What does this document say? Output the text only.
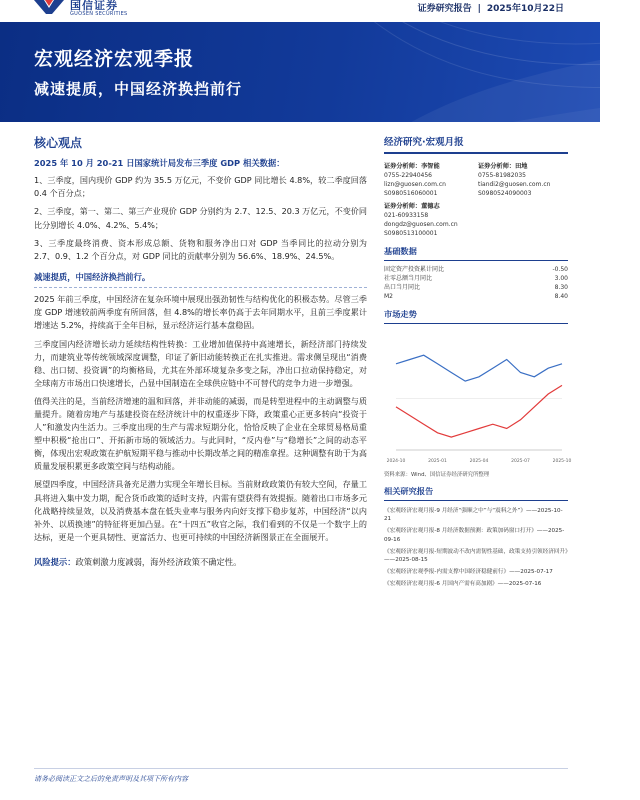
国信证券
GUOSEN SECURITIES	证券研究报告 | 2025年10月22日
宏观经济宏观季报
减速提质，中国经济换挡前行
核心观点
2025 年 10 月 20-21 日国家统计局发布三季度 GDP 相关数据：
1、三季度，国内现价 GDP 约为 35.5 万亿元，不变价 GDP 同比增长 4.8%，较二季度回落 0.4 个百分点；
2、三季度，第一、第二、第三产业现价 GDP 分别约为 2.7、12.5、20.3 万亿元，不变价同比分别增长 4.0%、4.2%、5.4%；
3、三季度最终消费、资本形成总额、货物和服务净出口对 GDP 当季同比的拉动分别为 2.7、0.9、1.2 个百分点，对 GDP 同比的贡献率分别为 56.6%、18.9%、24.5%。
减速提质，中国经济换挡前行。
2025 年前三季度，中国经济在复杂环境中展现出强劲韧性与结构优化的积极态势。尽管三季度 GDP 增速较前两季度有所回落，但 4.8%的增长率仍高于去年同期水平，且前三季度累计增速达 5.2%，持续高于全年目标，显示经济运行基本盘稳固。
三季度国内经济增长动力延续结构性转换：工业增加值保持中高速增长，新经济部门持续发力，而建筑业等传统领域深度调整，印证了新旧动能转换正在扎实推进。需求侧呈现出“消费稳、出口韧、投资调”的均衡格局，尤其在外部环境复杂多变之际，净出口拉动保持稳定，对全球南方市场出口快速增长，凸显中国制造在全球供应链中不可替代的竞争力进一步增强。
值得关注的是，当前经济增速的温和回落，并非动能的减弱，而是转型进程中的主动调整与质量提升。随着房地产与基建投资在经济统计中的权重逐步下降，政策重心正更多转向“投资于人”和激发内生活力。三季度出现的生产与需求短期分化，恰恰反映了企业在全球贸易格局重塑中积极“抢出口”、开拓新市场的领域活力。与此同时，“反内卷”与“稳增长”之间的动态平衡，体现出宏观政策在护航短期平稳与推动中长期改革之间的精准拿捏。这种调整有助于为高质量发展积累更多政策空间与结构动能。
展望四季度，中国经济具备充足潜力实现全年增长目标。当前财政政策仍有较大空间，存量工具将进入集中发力期，配合货币政策的适时支持，内需有望获得有效提振。随着出口市场多元化战略持续显效，以及消费基本盘在低失业率与服务内向好支撑下稳步复苏，中国经济“以内补外、以质换速”的特征将更加凸显。在“十四五”收官之际，我们看到的不仅是一个数字上的达标，更是一个更具韧性、更富活力、也更可持续的中国经济新图景正在全面展开。
风险提示：政策刺激力度减弱，海外经济政策不确定性。
经济研究·宏观月报
证券分析师：李智能
0755-22940456
lizn@guosen.com.cn
S0980516060001
证券分析师：田地
0755-81982035
tiandi2@guosen.com.cn
S0980524090003
证券分析师：董德志
021-60933158
dongdz@guosen.com.cn
S0980513100001
基础数据
固定资产投资累计同比	-0.50
社零总额当月同比	3.00
出口当月同比	8.30
M2	8.40
市场走势
2024-10	2025-01	2025-04	2025-07	2025-10
资料来源：Wind、国信证券经济研究所整理
相关研究报告
《宏观经济宏观月报-9 月经济“强顺之中”与“震料之外”》——2025-10-21
《宏观经济宏观月报-8 月经济数据预测：政策加码窗口打开》——2025-09-16
《宏观经济宏观月报-短期波动不改内需韧性基础，政策支持引领经济回升》——2025-08-15
《宏观经济宏观季报-内需支撑中国经济稳健前行》——2025-07-17
《宏观经济宏观月报-6 月国内产需有高加剧》——2025-07-16
请务必阅读正文之后的免责声明及其项下所有内容
